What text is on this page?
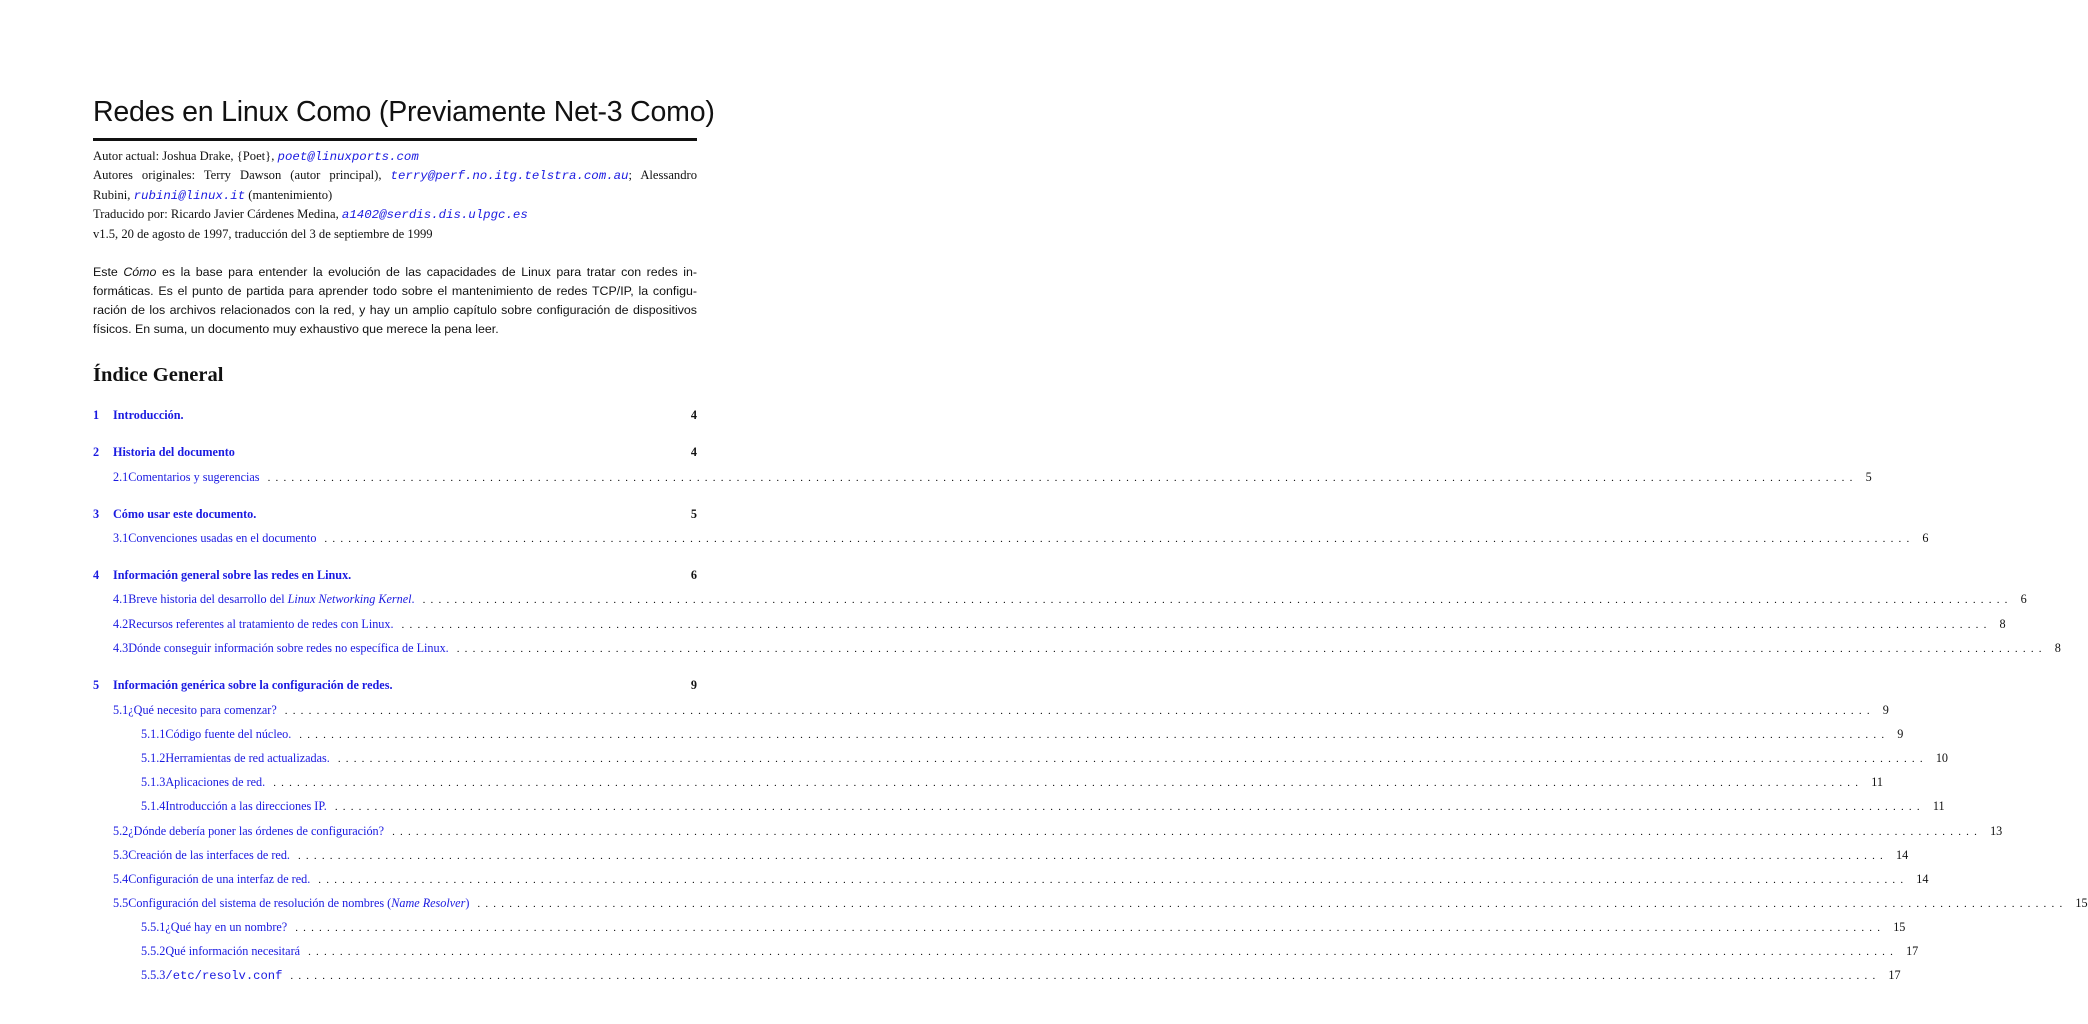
Redes en Linux Como (Previamente Net-3 Como)
Autor actual: Joshua Drake, {Poet}, poet@linuxports.com
Autores originales: Terry Dawson (autor principal), terry@perf.no.itg.telstra.com.au; Alessandro
Rubini, rubini@linux.it (mantenimiento)
Traducido por: Ricardo Javier Cárdenes Medina, a1402@serdis.dis.ulpgc.es
v1.5, 20 de agosto de 1997, traducción del 3 de septiembre de 1999
Este Cómo es la base para entender la evolución de las capacidades de Linux para tratar con redes in-
formáticas. Es el punto de partida para aprender todo sobre el mantenimiento de redes TCP/IP, la configu-
ración de los archivos relacionados con la red, y hay un amplio capítulo sobre configuración de dispositivos
físicos. En suma, un documento muy exhaustivo que merece la pena leer.
Índice General
1	Introducción.	4
2	Historia del documento	4
2.1 Comentarios y sugerencias ........................................................................................................................................................................................................ 5
3	Cómo usar este documento.	5
3.1 Convenciones usadas en el documento ........................................................................................................................................................................................................ 6
4	Información general sobre las redes en Linux.	6
4.1 Breve historia del desarrollo del Linux Networking Kernel. ........................................................................................................................................................................................................ 6
4.2 Recursos referentes al tratamiento de redes con Linux. ........................................................................................................................................................................................................ 8
4.3 Dónde conseguir información sobre redes no específica de Linux. ........................................................................................................................................................................................................ 8
5	Información genérica sobre la configuración de redes.	9
5.1 ¿Qué necesito para comenzar? ........................................................................................................................................................................................................ 9
5.1.1 Código fuente del núcleo. ........................................................................................................................................................................................................ 9
5.1.2 Herramientas de red actualizadas. ........................................................................................................................................................................................................ 10
5.1.3 Aplicaciones de red. ........................................................................................................................................................................................................ 11
5.1.4 Introducción a las direcciones IP. ........................................................................................................................................................................................................ 11
5.2 ¿Dónde debería poner las órdenes de configuración? ........................................................................................................................................................................................................ 13
5.3 Creación de las interfaces de red. ........................................................................................................................................................................................................ 14
5.4 Configuración de una interfaz de red. ........................................................................................................................................................................................................ 14
5.5 Configuración del sistema de resolución de nombres (Name Resolver) ........................................................................................................................................................................................................ 15
5.5.1 ¿Qué hay en un nombre? ........................................................................................................................................................................................................ 15
5.5.2 Qué información necesitará ........................................................................................................................................................................................................ 17
5.5.3 /etc/resolv.conf ........................................................................................................................................................................................................ 17
